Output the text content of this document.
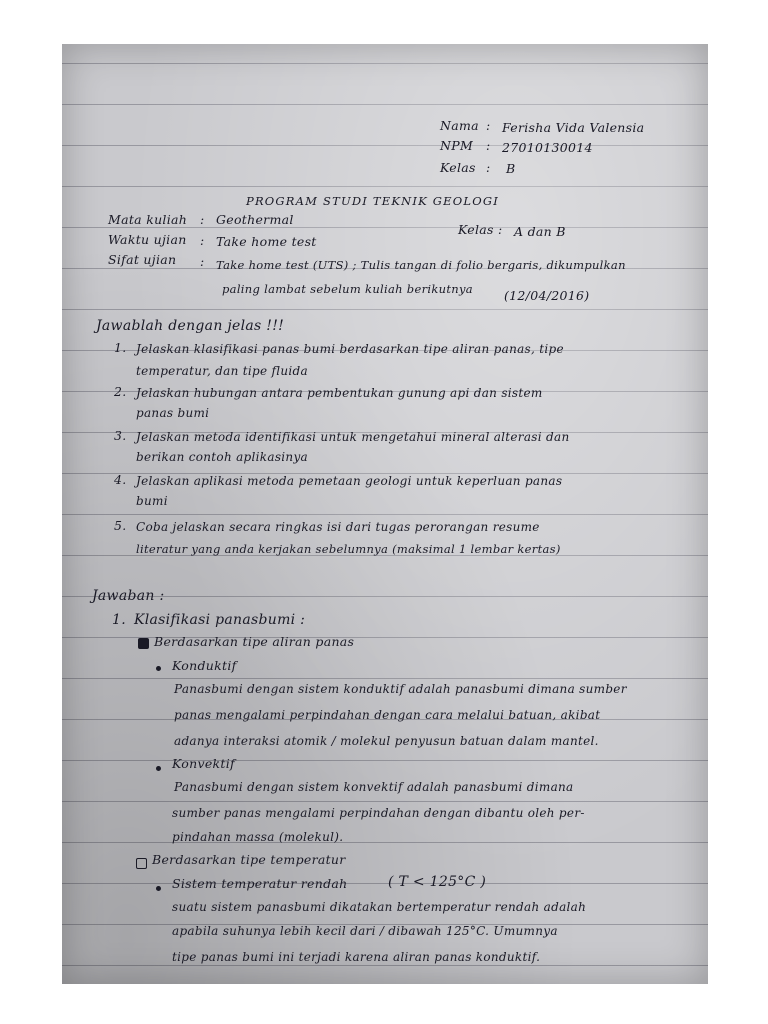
Nama : Ferisha Vida Valensia
NPM : 27010130014
Kelas : B
PROGRAM STUDI TEKNIK GEOLOGI
Mata kuliah : Geothermal
Kelas : A dan B
Waktu ujian : Take home test
Sifat ujian : Take home test (UTS) ; Tulis tangan di folio bergaris, dikumpulkan
paling lambat sebelum kuliah berikutnya (12/04/2016)
Jawablah dengan jelas !!!
1. Jelaskan klasifikasi panas bumi berdasarkan tipe aliran panas, tipe
temperatur, dan tipe fluida
2. Jelaskan hubungan antara pembentukan gunung api dan sistem
panas bumi
3. Jelaskan metoda identifikasi untuk mengetahui mineral alterasi dan
berikan contoh aplikasinya
4. Jelaskan aplikasi metoda pemetaan geologi untuk keperluan panas
bumi
5. Coba jelaskan secara ringkas isi dari tugas perorangan resume
literatur yang anda kerjakan sebelumnya (maksimal 1 lembar kertas)
Jawaban :
1. Klasifikasi panasbumi :
Berdasarkan tipe aliran panas
Konduktif
Panasbumi dengan sistem konduktif adalah panasbumi dimana sumber
panas mengalami perpindahan dengan cara melalui batuan, akibat
adanya interaksi atomik / molekul penyusun batuan dalam mantel.
Konvektif
Panasbumi dengan sistem konvektif adalah panasbumi dimana
sumber panas mengalami perpindahan dengan dibantu oleh per-
pindahan massa (molekul).
Berdasarkan tipe temperatur
Sistem temperatur rendah	( T < 125°C )
suatu sistem panasbumi dikatakan bertemperatur rendah adalah
apabila suhunya lebih kecil dari / dibawah 125°C. Umumnya
tipe panas bumi ini terjadi karena aliran panas konduktif.
